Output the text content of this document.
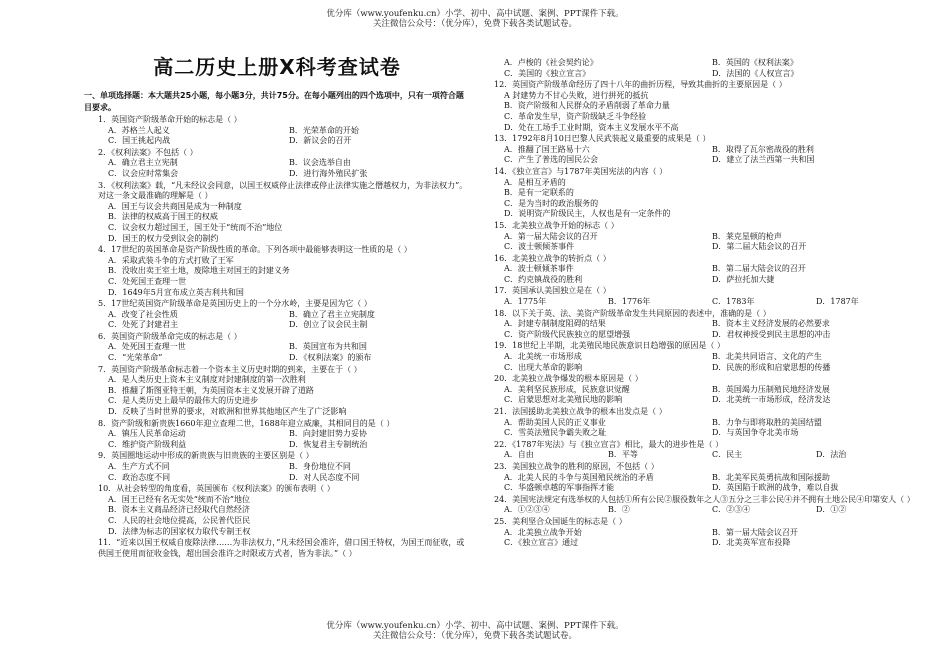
优分库（www.youfenku.cn）小学、初中、高中试题、案例、PPT课件下载。
关注微信公众号：（优分库），免费下载各类试题试卷。
高二历史上册Ⅹ科考查试卷
一、单项选择题：本大题共25小题，每小题3分，共计75分。在每小题列出的四个选项中，只有一项符合题目要求。
1．英国资产阶级革命开始的标志是（ ）
A．苏格兰人起义	B．光荣革命的开始
C．国王挑起内战	D．新议会的召开
2．《权利法案》不包括（ ）
A．确立君主立宪制	B．议会选举自由
C．议会应时常集会	D．进行海外殖民扩张
3．《权利法案》载，“凡未经议会同意，以国王权威停止法律或停止法律实施之僭越权力，为非法权力”。对这一条文最准确的理解是（ ）
A．国王与议会共商国是成为一种制度
B．法律的权威高于国王的权威
C．议会权力超过国王，国王处于“统而不治”地位
D．国王的权力受到议会的制约
4．17世纪的英国革命是资产阶级性质的革命。下列各项中最能够表明这一性质的是（ ）
A．采取武装斗争的方式打败了王军
B．没收出卖王室土地，废除地主对国王的封建义务
C．处死国王查理一世
D．1649年5月宣布成立英吉利共和国
5．17世纪英国资产阶级革命是英国历史上的一个分水岭，主要是因为它（ ）
A．改变了社会性质	B．确立了君主立宪制度
C．处死了封建君主	D．创立了议会民主制
6．英国资产阶级革命完成的标志是（ ）
A．处死国王查理一世	B．英国宣布为共和国
C．“光荣革命”	D．《权利法案》的颁布
7．英国资产阶级革命标志着一个资本主义历史时期的到来，主要在于（ ）
A．是人类历史上资本主义制度对封建制度的第一次胜利
B．推翻了斯图亚特王朝，为英国资本主义发展开辟了道路
C．是人类历史上最早的最伟大的历史进步
D．反映了当时世界的要求，对欧洲和世界其他地区产生了广泛影响
8．资产阶级和新贵族1660年迎立查理二世，1688年迎立威廉，其相同目的是（ ）
A．镇压人民革命运动	B．向封建旧势力妥协
C．维护资产阶级利益	D．恢复君主专制统治
9．英国圈地运动中形成的新贵族与旧贵族的主要区别是（ ）
A．生产方式不同	B．身份地位不同
C．政治态度不同	D．对人民态度不同
10．从社会转型的角度看，英国颁布《权利法案》的颁布表明（ ）
A．国王已经有名无实处“统而不治”地位
B．资本主义商品经济已经取代自然经济
C．人民的社会地位提高，公民普代臣民
D．法律为标志的国家权力取代专制王权
11．“近来以国王权威自废除法律……为非法权力，”凡未经国会准许，借口国王特权，为国王而征收，或供国王使用而征收金钱，超出国会准许之时限或方式者，皆为非法。”（ ）
A．卢梭的《社会契约论》	B．英国的《权利法案》
C．美国的《独立宣言》	D．法国的《人权宣言》
12．英国资产阶级革命经历了四十八年的曲折历程，导致其曲折的主要原因是（ ）
A 封建势力不甘心失败，进行拼死的抵抗
B．资产阶级和人民群众的矛盾削弱了革命力量
C．革命发生早，资产阶级缺乏斗争经验
D．处在工场手工业时期，资本主义发展水平不高
13．1792年8月10日巴黎人民武装起义最重要的成果是（ ）
A．推翻了国王路易十六	B．取得了瓦尔密战役的胜利
C．产生了普选的国民公会	D．建立了法兰西第一共和国
14．《独立宣言》与1787年美国宪法的内容（ ）
A．是相互矛盾的
B．是有一定联系的
C．是为当时的政治服务的
D．说明资产阶级民主，人权也是有一定条件的
15．北美独立战争开始的标志（ ）
A．第一届大陆会议的召开	B．莱克星顿的枪声
C．波士顿倾茶事件	D．第二届大陆会议的召开
16．北美独立战争的转折点（ ）
A．波士顿倾茶事件	B．第二届大陆会议的召开
C．约克镇战役的胜利	D．萨拉托加大捷
17．英国承认美国独立是在（ ）
A．1775年	B．1776年	C．1783年	D．1787年
18．以下关于英、法、美资产阶级革命发生共同原因的表述中，准确的是（ ）
A．封建专制制度阻碍的结果	B．资本主义经济发展的必然要求
C．资产阶级代民族独立的愿望增强	D．君权神授受到民主思想的冲击
19．18世纪上半期，北美殖民地民族意识日趋增强的原因是（ ）
A．北美统一市场形成	B．北美共同语言、文化的产生
C．出现大革命的影响	D．民族的形成和启蒙思想的传播
20．北美独立战争爆发的根本原因是（ ）
A．美利坚民族形成，民族意识觉醒	B．英国竭力压制殖民地经济发展
C．启蒙思想对北美殖民地的影响	D．北美统一市场形成，经济发达
21．法国援助北美独立战争的根本出发点是（ ）
A．帮助美国人民的正义事业	B．力争与即将取胜的美国结盟
C．雪英法殖民争霸失败之耻	D．与英国争夺北美市场
22．《1787年宪法》与《独立宣言》相比，最大的进步性是（ ）
A．自由	B．平等	C．民主	D．法治
23．美国独立战争的胜利的原因，不包括（ ）
A．北美人民的斗争与英国殖民统治的矛盾	B．北美军民英勇抗战和国际援助
C．华盛顿卓越的军事指挥才能	D．英国陷于欧洲的战争，难以自拔
24．美国宪法规定有选举权的人包括①所有公民②服役数年之人③五分之三非公民④并不拥有土地公民④印第安人（ ）
A．①②③④	B．②	C．②③④	D．①②
25．美利坚合众国诞生的标志是（ ）
A．北美独立战争开始	B．第一届大陆会议召开
C．《独立宣言》通过	D．北美英军宣布投降
优分库（www.youfenku.cn）小学、初中、高中试题、案例、PPT课件下载。
关注微信公众号：（优分库），免费下载各类试题试卷。
